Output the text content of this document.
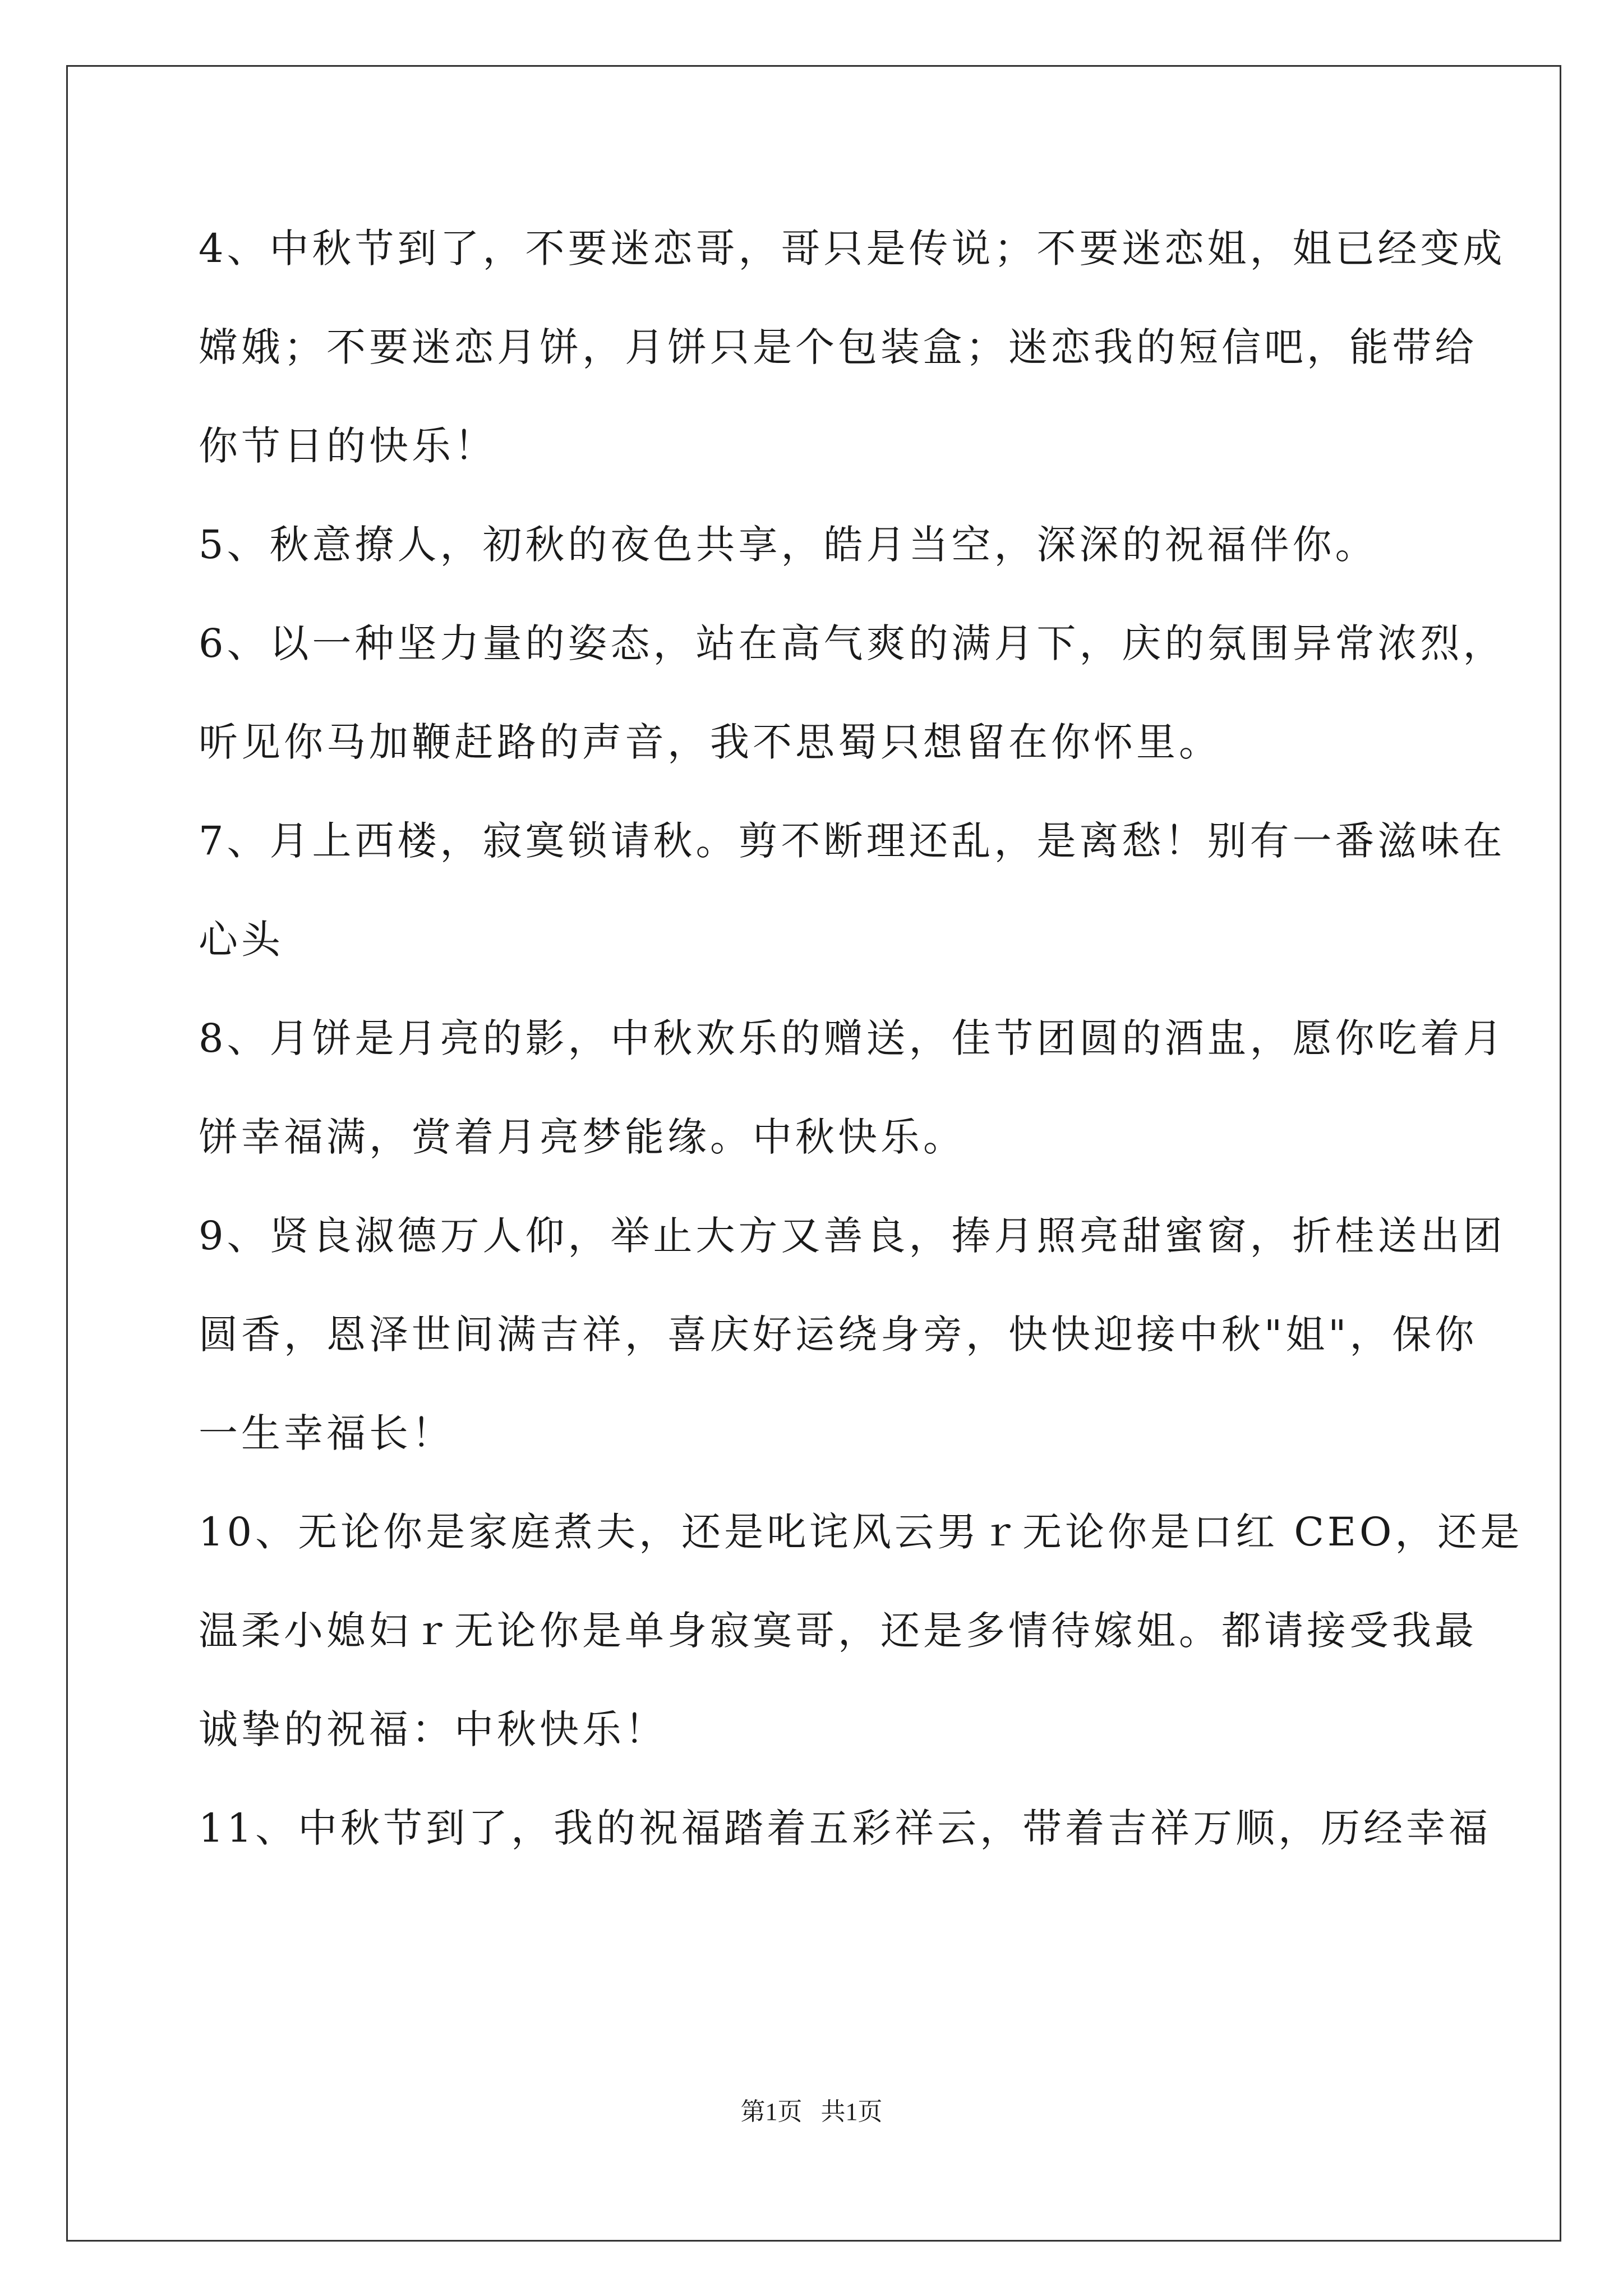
4、中秋节到了，不要迷恋哥，哥只是传说；不要迷恋姐，姐已经变成
嫦娥；不要迷恋月饼，月饼只是个包装盒；迷恋我的短信吧，能带给
你节日的快乐！
5、秋意撩人，初秋的夜色共享，皓月当空，深深的祝福伴你。
6、以一种坚力量的姿态，站在高气爽的满月下，庆的氛围异常浓烈，
听见你马加鞭赶路的声音，我不思蜀只想留在你怀里。
7、月上西楼，寂寞锁请秋。剪不断理还乱，是离愁！别有一番滋味在
心头
8、月饼是月亮的影，中秋欢乐的赠送，佳节团圆的酒盅，愿你吃着月
饼幸福满，赏着月亮梦能缘。中秋快乐。
9、贤良淑德万人仰，举止大方又善良，捧月照亮甜蜜窗，折桂送出团
圆香，恩泽世间满吉祥，喜庆好运绕身旁，快快迎接中秋"姐"，保你
一生幸福长！
10、无论你是家庭煮夫，还是叱诧风云男ｒ无论你是口红 CEO，还是
温柔小媳妇ｒ无论你是单身寂寞哥，还是多情待嫁姐。都请接受我最
诚挚的祝福：中秋快乐！
11、中秋节到了，我的祝福踏着五彩祥云，带着吉祥万顺，历经幸福
第1页   共1页
